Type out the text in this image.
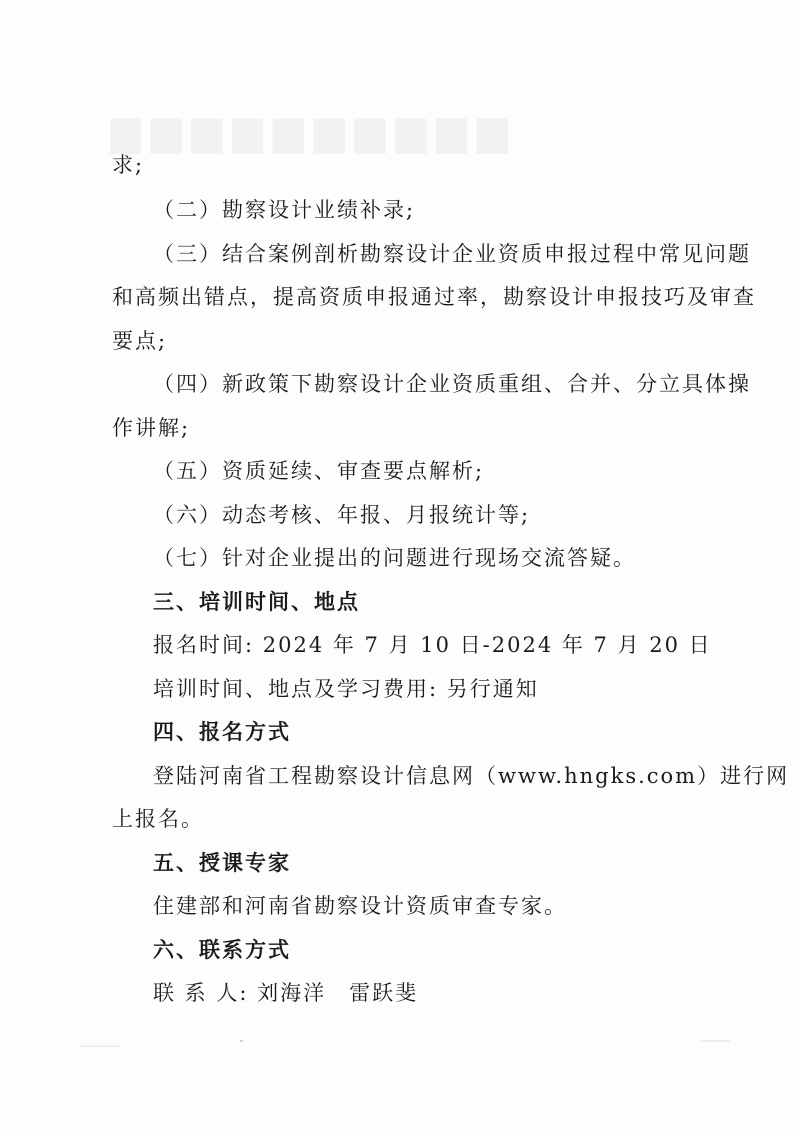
求;
（二）勘察设计业绩补录;
（三）结合案例剖析勘察设计企业资质申报过程中常见问题
和高频出错点，提高资质申报通过率，勘察设计申报技巧及审查
要点;
（四）新政策下勘察设计企业资质重组、合并、分立具体操
作讲解;
（五）资质延续、审查要点解析;
（六）动态考核、年报、月报统计等;
（七）针对企业提出的问题进行现场交流答疑。
三、培训时间、地点
报名时间: 2024 年 7 月 10 日-2024 年 7 月 20 日
培训时间、地点及学习费用: 另行通知
四、报名方式
登陆河南省工程勘察设计信息网（www.hngks.com）进行网
上报名。
五、授课专家
住建部和河南省勘察设计资质审查专家。
六、联系方式
联 系 人: 刘海洋　雷跃斐
